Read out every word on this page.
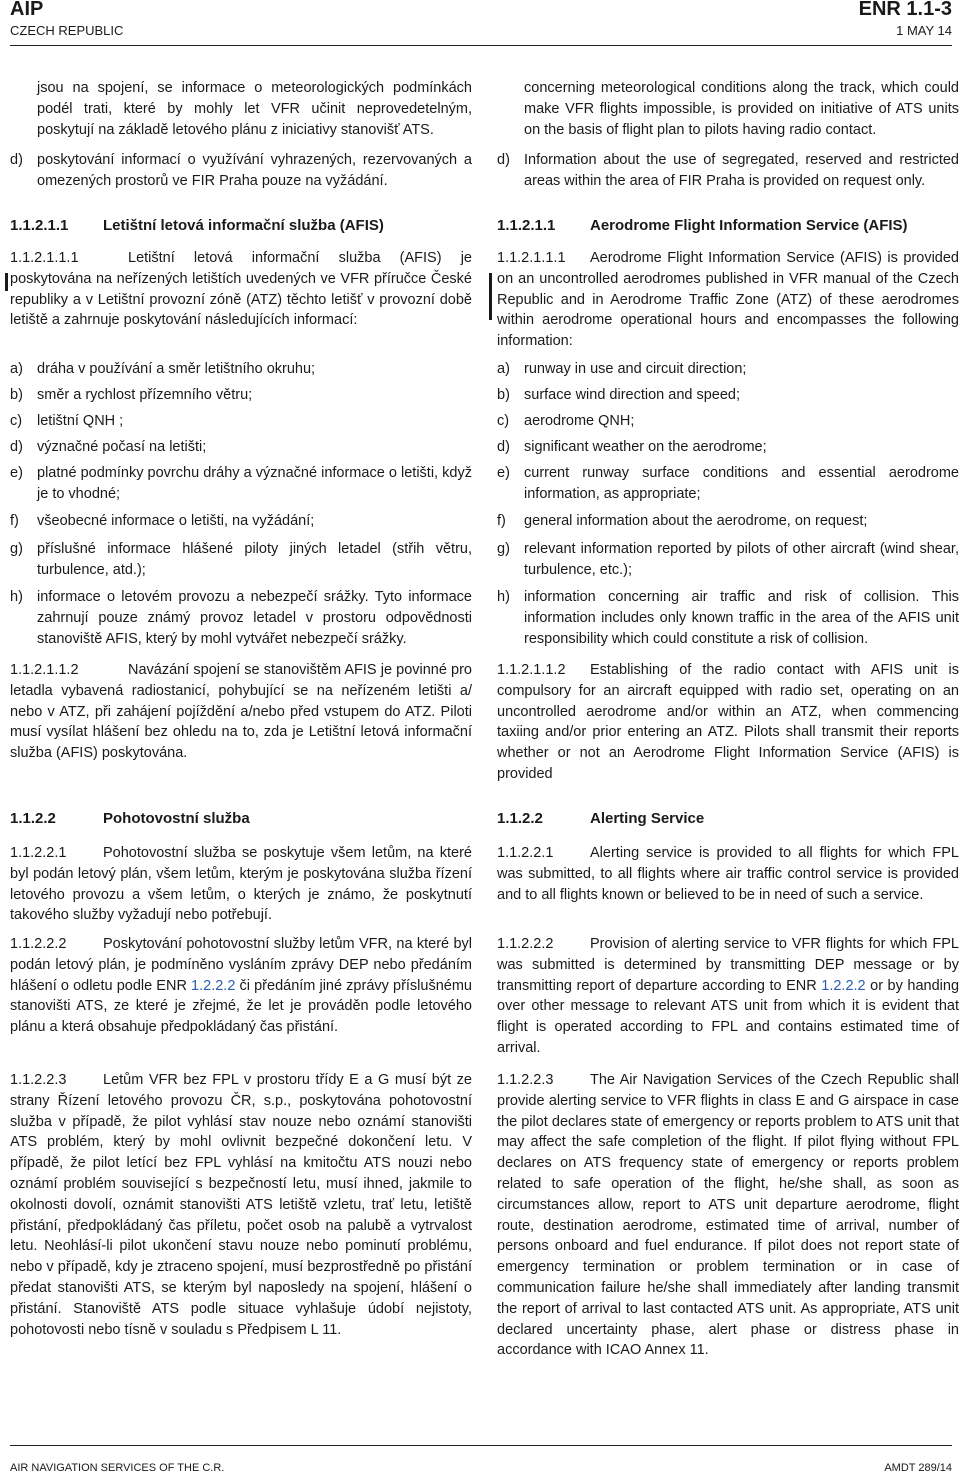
AIP
CZECH REPUBLIC
ENR 1.1-3
1 MAY 14
jsou na spojení, se informace o meteorologických podmínkách podél trati, které by mohly let VFR učinit neprovedetelným, poskytují na základě letového plánu z iniciativy stanovišť ATS.
d) poskytování informací o využívání vyhrazených, rezervovaných a omezených prostorů ve FIR Praha pouze na vyžádání.
1.1.2.1.1 Letištní letová informační služba (AFIS)
1.1.2.1.1.1	Letištní letová informační služba (AFIS) je poskytována na neřízených letištích uvedených ve VFR příručce České republiky a v Letištní provozní zóně (ATZ) těchto letišť v provozní době letiště a zahrnuje poskytování následujících informací:
a) dráha v používání a směr letištního okruhu;
b) směr a rychlost přízemního větru;
c) letištní QNH ;
d) význačné počasí na letišti;
e) platné podmínky povrchu dráhy a význačné informace o letišti, když je to vhodné;
f) všeobecné informace o letišti, na vyžádání;
g) příslušné informace hlášené piloty jiných letadel (střih větru, turbulence, atd.);
h) informace o letovém provozu a nebezpečí srážky. Tyto informace zahrnují pouze známý provoz letadel v prostoru odpovědnosti stanoviště AFIS, který by mohl vytvářet nebezpečí srážky.
1.1.2.1.1.2	Navázání spojení se stanovištěm AFIS je povinné pro letadla vybavená radiostanicí, pohybující se na neřízeném letišti a/ nebo v ATZ, při zahájení pojíždění a/nebo před vstupem do ATZ. Piloti musí vysílat hlášení bez ohledu na to, zda je Letištní letová informační služba (AFIS) poskytována.
1.1.2.2	Pohotovostní služba
1.1.2.2.1	Pohotovostní služba se poskytuje všem letům, na které byl podán letový plán, všem letům, kterým je poskytována služba řízení letového provozu a všem letům, o kterých je známo, že poskytnutí takového služby vyžadují nebo potřebují.
1.1.2.2.2	Poskytování pohotovostní služby letům VFR, na které byl podán letový plán, je podmíněno vysláním zprávy DEP nebo předáním hlášení o odletu podle ENR 1.2.2.2 či předáním jiné zprávy příslušnému stanovišti ATS, ze které je zřejmé, že let je prováděn podle letového plánu a která obsahuje předpokládaný čas přistání.
1.1.2.2.3	Letům VFR bez FPL v prostoru třídy E a G musí být ze strany Řízení letového provozu ČR, s.p., poskytována pohotovostní služba v případě, že pilot vyhlásí stav nouze nebo oznámí stanovišti ATS problém, který by mohl ovlivnit bezpečné dokončení letu. V případě, že pilot letící bez FPL vyhlásí na kmitočtu ATS nouzi nebo oznámí problém související s bezpečností letu, musí ihned, jakmile to okolnosti dovolí, oznámit stanovišti ATS letiště vzletu, trať letu, letiště přistání, předpokládaný čas příletu, počet osob na palubě a vytrvalost letu. Neohlásí-li pilot ukončení stavu nouze nebo pominutí problému, nebo v případě, kdy je ztraceno spojení, musí bezprostředně po přistání předat stanovišti ATS, se kterým byl naposledy na spojení, hlášení o přistání. Stanoviště ATS podle situace vyhlašuje údobí nejistoty, pohotovosti nebo tísně v souladu s Předpisem L 11.
concerning meteorological conditions along the track, which could make VFR flights impossible, is provided on initiative of ATS units on the basis of flight plan to pilots having radio contact.
d) Information about the use of segregated, reserved and restricted areas within the area of FIR Praha is provided on request only.
1.1.2.1.1 Aerodrome Flight Information Service (AFIS)
1.1.2.1.1.1 Aerodrome Flight Information Service (AFIS) is provided on an uncontrolled aerodromes published in VFR manual of the Czech Republic and in Aerodrome Traffic Zone (ATZ) of these aerodromes within aerodrome operational hours and encompasses the following information:
a) runway in use and circuit direction;
b) surface wind direction and speed;
c) aerodrome QNH;
d) significant weather on the aerodrome;
e) current runway surface conditions and essential aerodrome information, as appropriate;
f) general information about the aerodrome, on request;
g) relevant information reported by pilots of other aircraft (wind shear, turbulence, etc.);
h) information concerning air traffic and risk of collision. This information includes only known traffic in the area of the AFIS unit responsibility which could constitute a risk of collision.
1.1.2.1.1.2 Establishing of the radio contact with AFIS unit is compulsory for an aircraft equipped with radio set, operating on an uncontrolled aerodrome and/or within an ATZ, when commencing taxiing and/or prior entering an ATZ. Pilots shall transmit their reports whether or not an Aerodrome Flight Information Service (AFIS) is provided
1.1.2.2	Alerting Service
1.1.2.2.1	Alerting service is provided to all flights for which FPL was submitted, to all flights where air traffic control service is provided and to all flights known or believed to be in need of such a service.
1.1.2.2.2	Provision of alerting service to VFR flights for which FPL was submitted is determined by transmitting DEP message or by transmitting report of departure according to ENR 1.2.2.2 or by handing over other message to relevant ATS unit from which it is evident that flight is operated according to FPL and contains estimated time of arrival.
1.1.2.2.3	The Air Navigation Services of the Czech Republic shall provide alerting service to VFR flights in class E and G airspace in case the pilot declares state of emergency or reports problem to ATS unit that may affect the safe completion of the flight. If pilot flying without FPL declares on ATS frequency state of emergency or reports problem related to safe operation of the flight, he/she shall, as soon as circumstances allow, report to ATS unit departure aerodrome, flight route, destination aerodrome, estimated time of arrival, number of persons onboard and fuel endurance. If pilot does not report state of emergency termination or problem termination or in case of communication failure he/she shall immediately after landing transmit the report of arrival to last contacted ATS unit. As appropriate, ATS unit declared uncertainty phase, alert phase or distress phase in accordance with ICAO Annex 11.
AIR NAVIGATION SERVICES OF THE C.R.	AMDT 289/14
